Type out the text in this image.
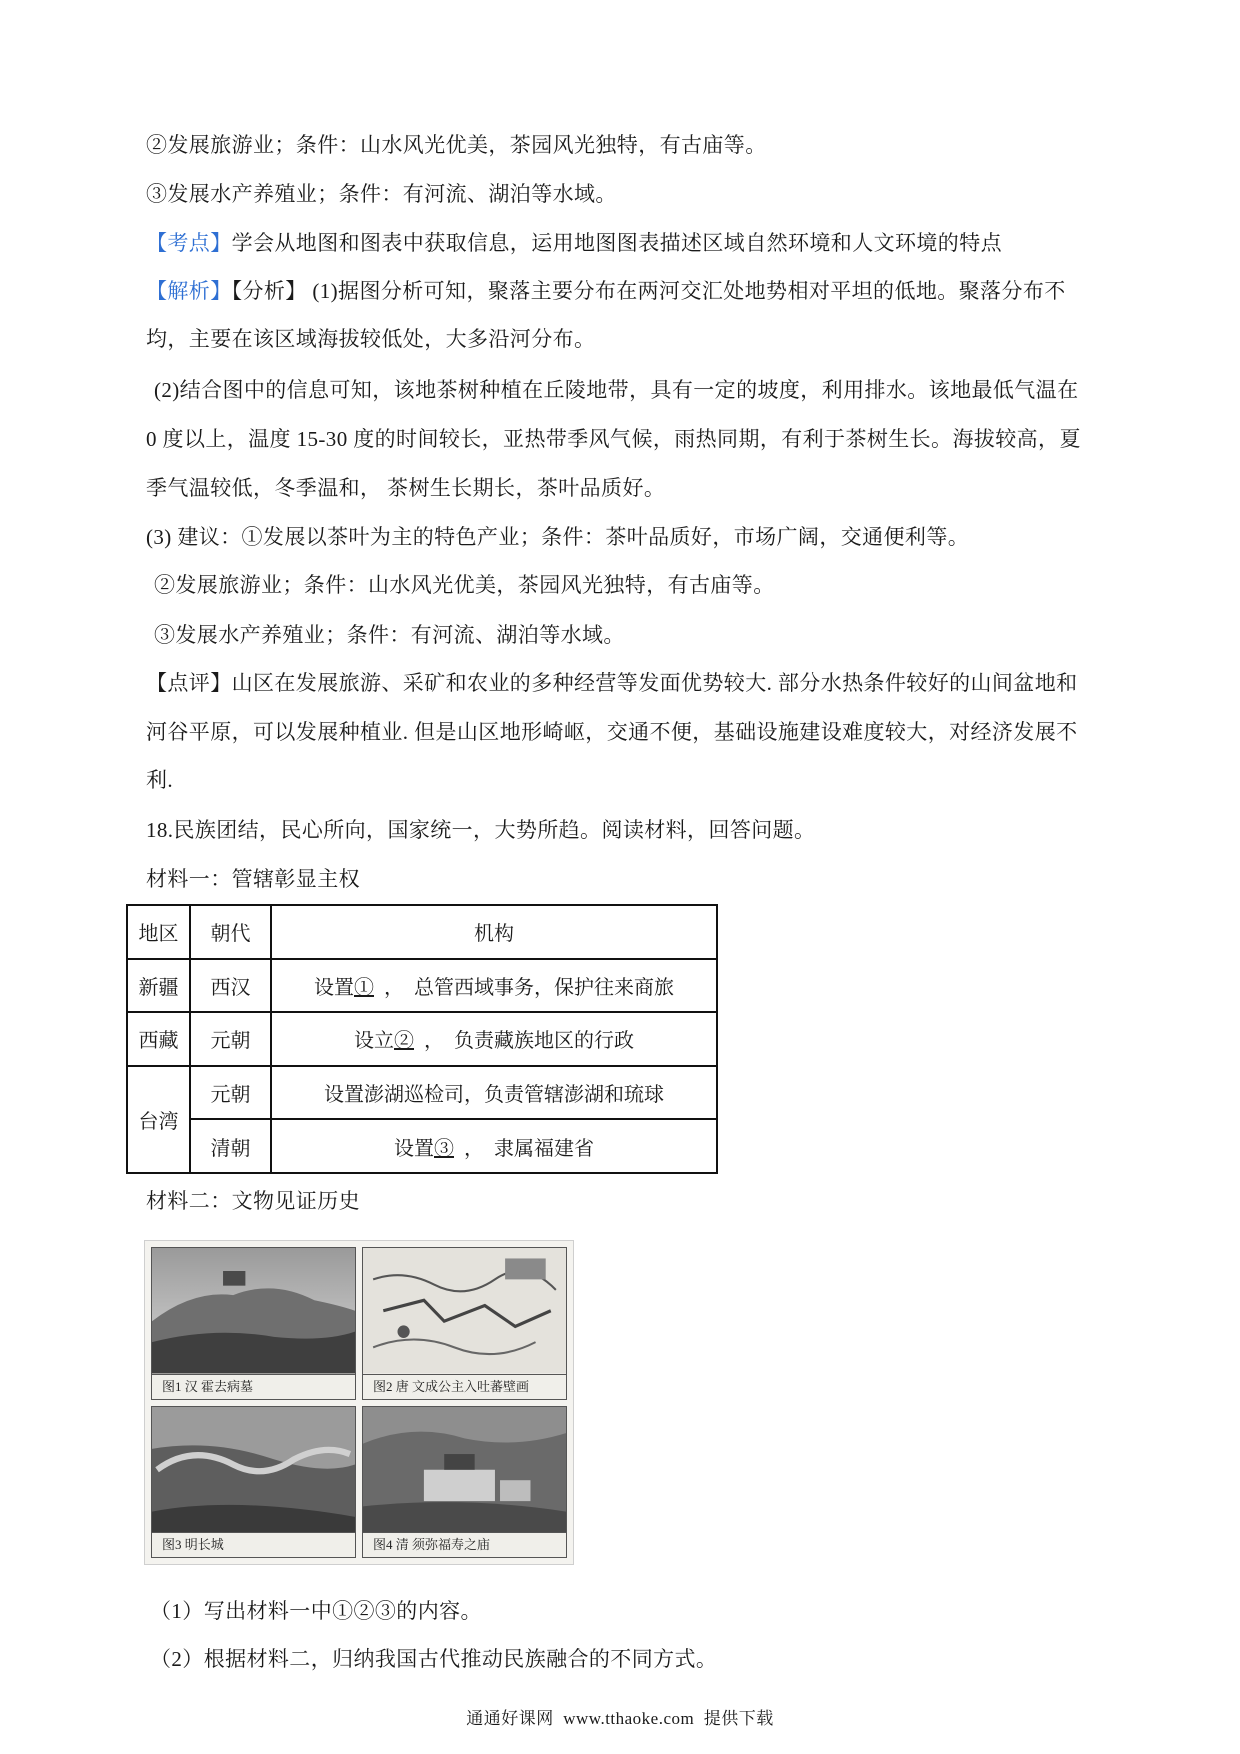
②发展旅游业；条件：山水风光优美，茶园风光独特，有古庙等。
③发展水产养殖业；条件：有河流、湖泊等水域。
【考点】学会从地图和图表中获取信息，运用地图图表描述区域自然环境和人文环境的特点
【解析】【分析】 (1)据图分析可知，聚落主要分布在两河交汇处地势相对平坦的低地。聚落分布不
均，主要在该区域海拔较低处，大多沿河分布。
(2)结合图中的信息可知，该地茶树种植在丘陵地带，具有一定的坡度，利用排水。该地最低气温在
0 度以上，温度 15-30 度的时间较长，亚热带季风气候，雨热同期，有利于茶树生长。海拔较高，夏
季气温较低，冬季温和， 茶树生长期长，茶叶品质好。
(3) 建议：①发展以茶叶为主的特色产业；条件：茶叶品质好，市场广阔，交通便利等。
②发展旅游业；条件：山水风光优美，茶园风光独特，有古庙等。
③发展水产养殖业；条件：有河流、湖泊等水域。
【点评】山区在发展旅游、采矿和农业的多种经营等发面优势较大. 部分水热条件较好的山间盆地和
河谷平原，可以发展种植业. 但是山区地形崎岖，交通不便，基础设施建设难度较大，对经济发展不
利.
18.民族团结，民心所向，国家统一，大势所趋。阅读材料，回答问题。
材料一：管辖彰显主权
地区	朝代	机构
新疆	西汉	设置①  ，  总管西域事务，保护往来商旅
西藏	元朝	设立②  ，  负责藏族地区的行政
台湾	元朝	设置澎湖巡检司，负责管辖澎湖和琉球
	清朝	设置③  ，  隶属福建省
材料二：文物见证历史
图1 汉 霍去病墓	图2 唐 文成公主入吐蕃壁画
图3 明长城	图4 清 须弥福寿之庙
（1）写出材料一中①②③的内容。
（2）根据材料二，归纳我国古代推动民族融合的不同方式。
通通好课网  www.tthaoke.com  提供下载
